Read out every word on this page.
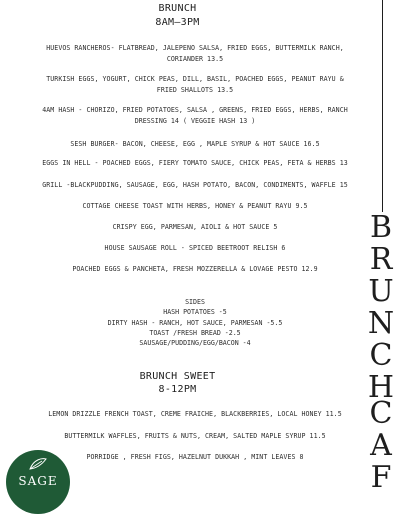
BRUNCH
8AM–3PM
HUEVOS RANCHEROS- FLATBREAD, JALEPENO SALSA, FRIED EGGS, BUTTERMILK RANCH,
CORIANDER 13.5
TURKISH EGGS, YOGURT, CHICK PEAS, DILL, BASIL, POACHED EGGS, PEANUT RAYU &
FRIED SHALLOTS 13.5
4AM HASH - CHORIZO, FRIED POTATOES, SALSA , GREENS, FRIED EGGS, HERBS, RANCH
DRESSING 14 ( VEGGIE HASH 13 )
SESH BURGER- BACON, CHEESE, EGG , MAPLE SYRUP & HOT SAUCE 16.5
EGGS IN HELL - POACHED EGGS, FIERY TOMATO SAUCE, CHICK PEAS, FETA & HERBS 13
GRILL -BLACKPUDDING, SAUSAGE, EGG, HASH POTATO, BACON, CONDIMENTS, WAFFLE 15
COTTAGE CHEESE TOAST WITH HERBS, HONEY & PEANUT RAYU 9.5
CRISPY EGG, PARMESAN, AIOLI & HOT SAUCE 5
HOUSE SAUSAGE ROLL - SPICED BEETROOT RELISH 6
POACHED EGGS & PANCHETA, FRESH MOZZERELLA & LOVAGE PESTO 12.9
SIDES
HASH POTATOES -5
DIRTY HASH - RANCH, HOT SAUCE, PARMESAN -5.5
TOAST /FRESH BREAD -2.5
SAUSAGE/PUDDING/EGG/BACON -4
BRUNCH SWEET
8-12PM
LEMON DRIZZLE FRENCH TOAST, CREME FRAICHE, BLACKBERRIES, LOCAL HONEY 11.5
BUTTERMILK WAFFLES, FRUITS & NUTS, CREAM, SALTED MAPLE SYRUP 11.5
PORRIDGE , FRESH FIGS, HAZELNUT DUKKAH , MINT LEAVES 8
B
R
U
N
C
H
C
A
F
SAGE
